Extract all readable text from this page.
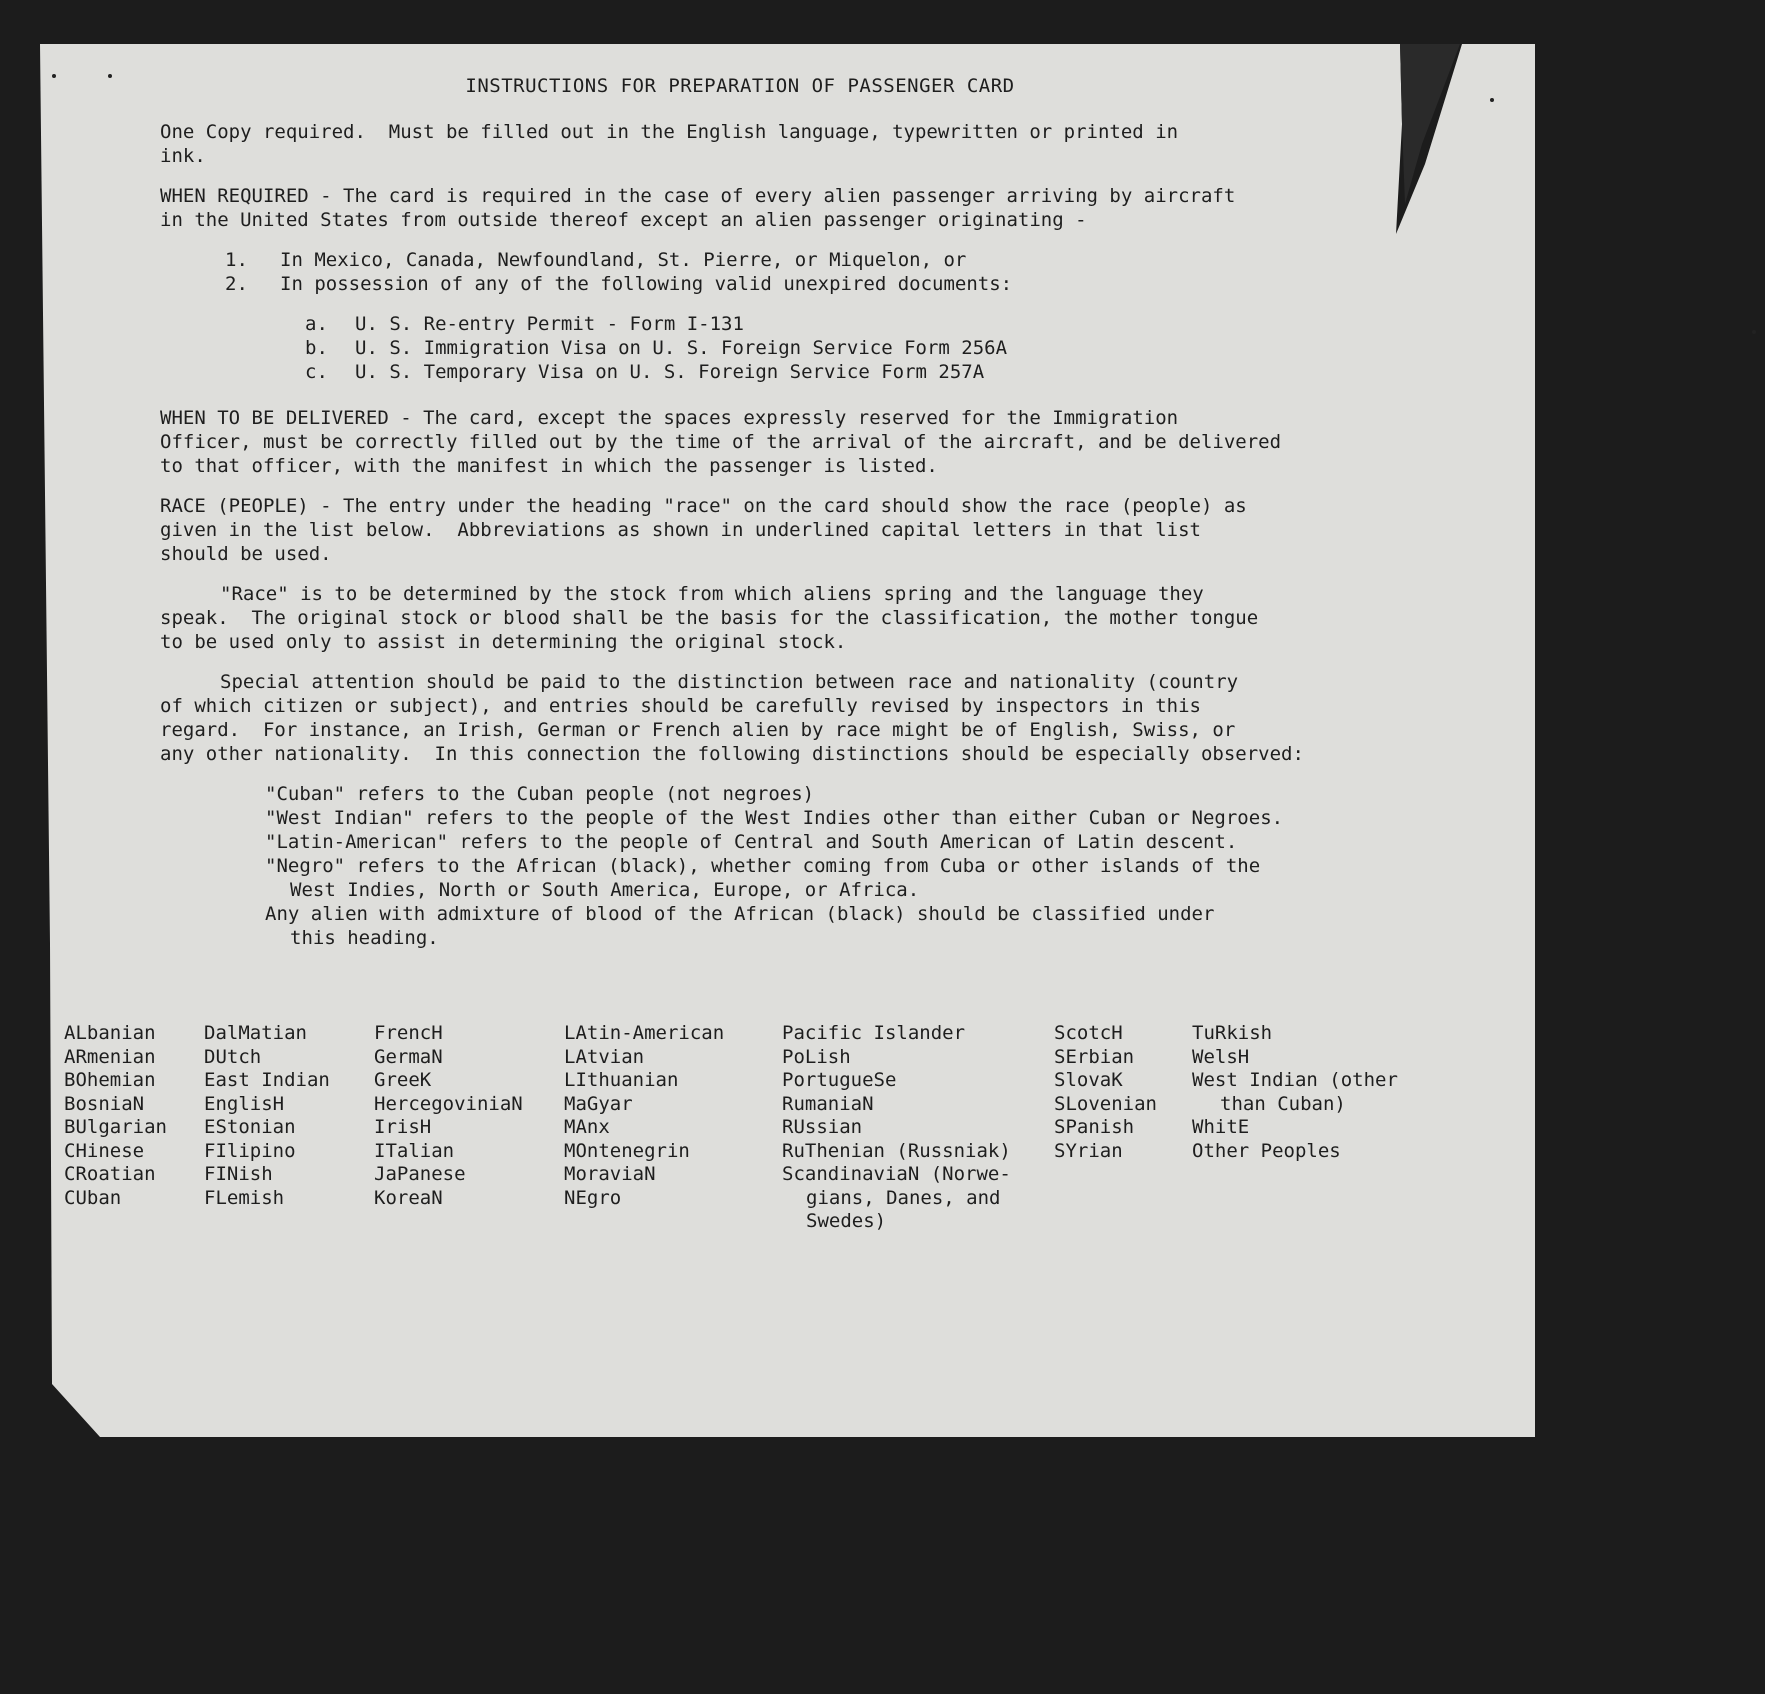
INSTRUCTIONS FOR PREPARATION OF PASSENGER CARD

One Copy required.  Must be filled out in the English language, typewritten or printed in
ink.

WHEN REQUIRED - The card is required in the case of every alien passenger arriving by aircraft
in the United States from outside thereof except an alien passenger originating -

1. In Mexico, Canada, Newfoundland, St. Pierre, or Miquelon, or
2. In possession of any of the following valid unexpired documents:
a. U. S. Re-entry Permit - Form I-131
b. U. S. Immigration Visa on U. S. Foreign Service Form 256A
c. U. S. Temporary Visa on U. S. Foreign Service Form 257A

WHEN TO BE DELIVERED - The card, except the spaces expressly reserved for the Immigration
Officer, must be correctly filled out by the time of the arrival of the aircraft, and be delivered
to that officer, with the manifest in which the passenger is listed.

RACE (PEOPLE) - The entry under the heading "race" on the card should show the race (people) as
given in the list below.  Abbreviations as shown in underlined capital letters in that list
should be used.

"Race" is to be determined by the stock from which aliens spring and the language they
speak.  The original stock or blood shall be the basis for the classification, the mother tongue
to be used only to assist in determining the original stock.

Special attention should be paid to the distinction between race and nationality (country
of which citizen or subject), and entries should be carefully revised by inspectors in this
regard.  For instance, an Irish, German or French alien by race might be of English, Swiss, or
any other nationality.  In this connection the following distinctions should be especially observed:

"Cuban" refers to the Cuban people (not negroes)
"West Indian" refers to the people of the West Indies other than either Cuban or Negroes.
"Latin-American" refers to the people of Central and South American of Latin descent.
"Negro" refers to the African (black), whether coming from Cuba or other islands of the
West Indies, North or South America, Europe, or Africa.
Any alien with admixture of blood of the African (black) should be classified under
this heading.
ALbanian
ARmenian
BOhemian
BosniaN
BUlgarian
CHinese
CRoatian
CUban
DalMatian
DUtch
East Indian
EnglisH
EStonian
FIlipino
FINish
FLemish
FrencH
GermaN
GreeK
HercegovinіaN
IrisH
ITalian
JaPanese
KoreaN
LAtin-American
LAtvian
LIthuanian
MaGyar
MAnx
MOntenegrin
MoraviaN
NEgro
Pacific Islander
PoLish
PortugueSe
RumaniaN
RUssian
RuThenian (Russniak)
ScandinaviaN (Norwe-
gians, Danes, and
Swedes)
ScotcH
SErbian
SlovaK
SLovenian
SPanish
SYrian
TuRkish
WelsH
West Indian (other
than Cuban)
WhitE
Other Peoples
